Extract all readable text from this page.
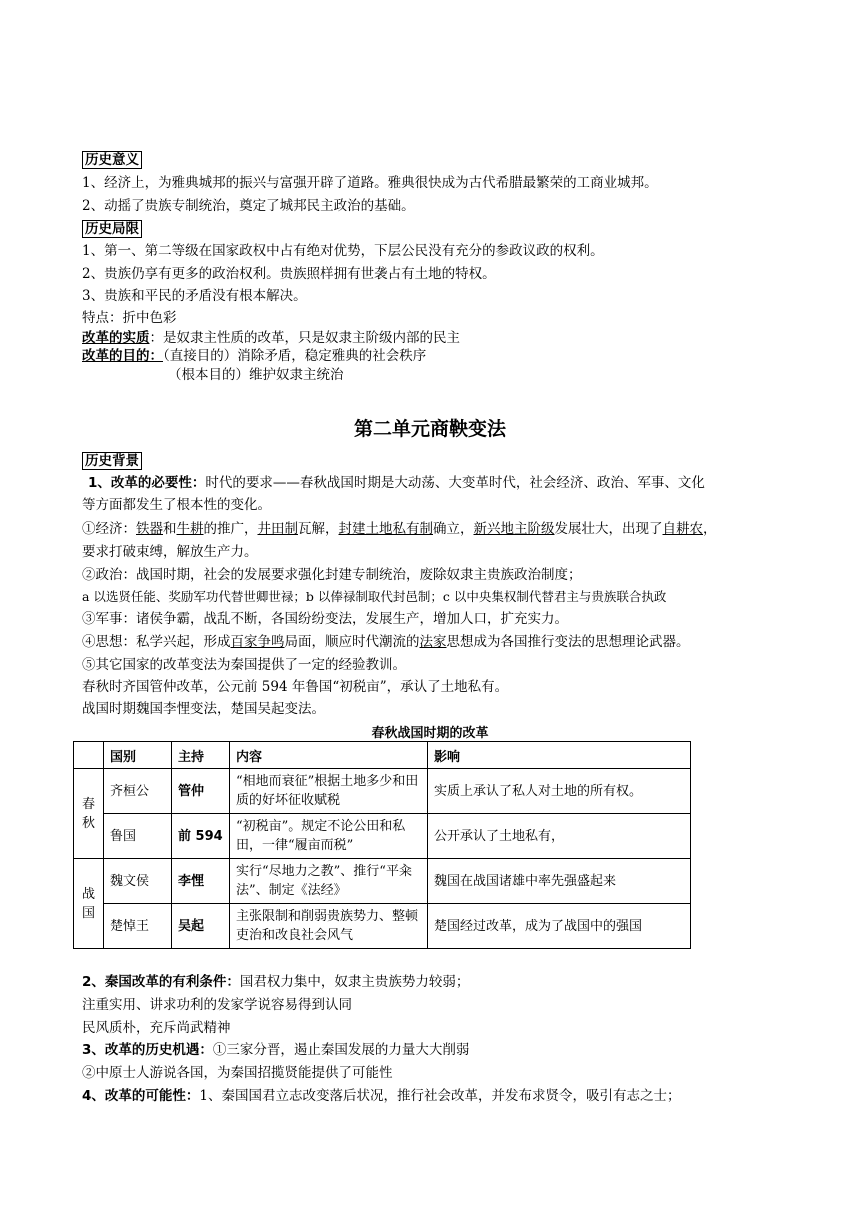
历史意义
1、经济上，为雅典城邦的振兴与富强开辟了道路。雅典很快成为古代希腊最繁荣的工商业城邦。
2、动摇了贵族专制统治，奠定了城邦民主政治的基础。
历史局限
1、第一、第二等级在国家政权中占有绝对优势，下层公民没有充分的参政议政的权利。
2、贵族仍享有更多的政治权利。贵族照样拥有世袭占有土地的特权。
3、贵族和平民的矛盾没有根本解决。
特点：折中色彩
改革的实质：是奴隶主性质的改革，只是奴隶主阶级内部的民主
改革的目的：（直接目的）消除矛盾，稳定雅典的社会秩序
（根本目的）维护奴隶主统治
第二单元商鞅变法
历史背景
1、改革的必要性：时代的要求——春秋战国时期是大动荡、大变革时代，社会经济、政治、军事、文化
等方面都发生了根本性的变化。
①经济：铁器和牛耕的推广，井田制瓦解，封建土地私有制确立，新兴地主阶级发展壮大，出现了自耕农，
要求打破束缚，解放生产力。
②政治：战国时期，社会的发展要求强化封建专制统治，废除奴隶主贵族政治制度；
a 以选贤任能、奖励军功代替世卿世禄；b 以俸禄制取代封邑制；c 以中央集权制代替君主与贵族联合执政
③军事：诸侯争霸，战乱不断，各国纷纷变法，发展生产，增加人口，扩充实力。
④思想：私学兴起，形成百家争鸣局面，顺应时代潮流的法家思想成为各国推行变法的思想理论武器。
⑤其它国家的改革变法为秦国提供了一定的经验教训。
春秋时齐国管仲改革，公元前 594 年鲁国“初税亩”，承认了土地私有。
战国时期魏国李悝变法，楚国吴起变法。
春秋战国时期的改革
	国别	主持	内容	影响
春
秋	齐桓公	管仲	“相地而衰征”根据土地多少和田质的好坏征收赋税	实质上承认了私人对土地的所有权。
	鲁国	前 594	“初税亩”。规定不论公田和私田，一律“履亩而税”	公开承认了土地私有，
战
国	魏文侯	李悝	实行“尽地力之教”、推行“平籴法”、制定《法经》	魏国在战国诸雄中率先强盛起来
	楚悼王	吴起	主张限制和削弱贵族势力、整顿吏治和改良社会风气	楚国经过改革，成为了战国中的强国
2、秦国改革的有利条件：国君权力集中，奴隶主贵族势力较弱；
注重实用、讲求功利的发家学说容易得到认同
民风质朴，充斥尚武精神
3、改革的历史机遇：①三家分晋，遏止秦国发展的力量大大削弱
②中原士人游说各国，为秦国招揽贤能提供了可能性
4、改革的可能性：1、秦国国君立志改变落后状况，推行社会改革，并发布求贤令，吸引有志之士；
